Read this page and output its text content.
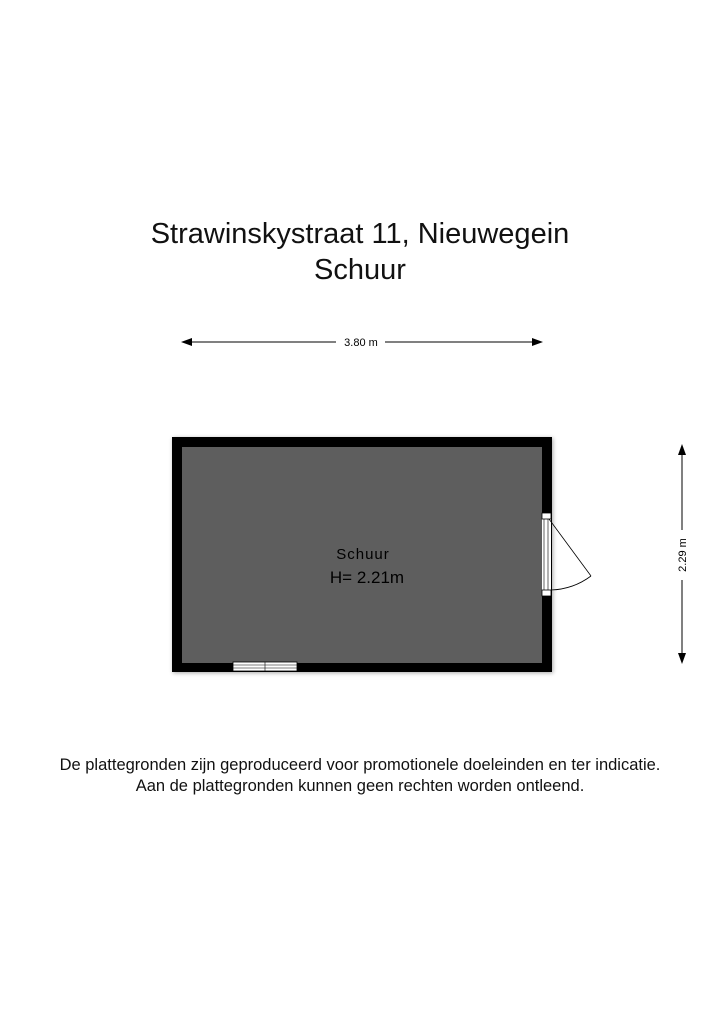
Strawinskystraat 11, Nieuwegein
Schuur
3.80 m
2.29 m
Schuur
H= 2.21m
De plattegronden zijn geproduceerd voor promotionele doeleinden en ter indicatie.
Aan de plattegronden kunnen geen rechten worden ontleend.
